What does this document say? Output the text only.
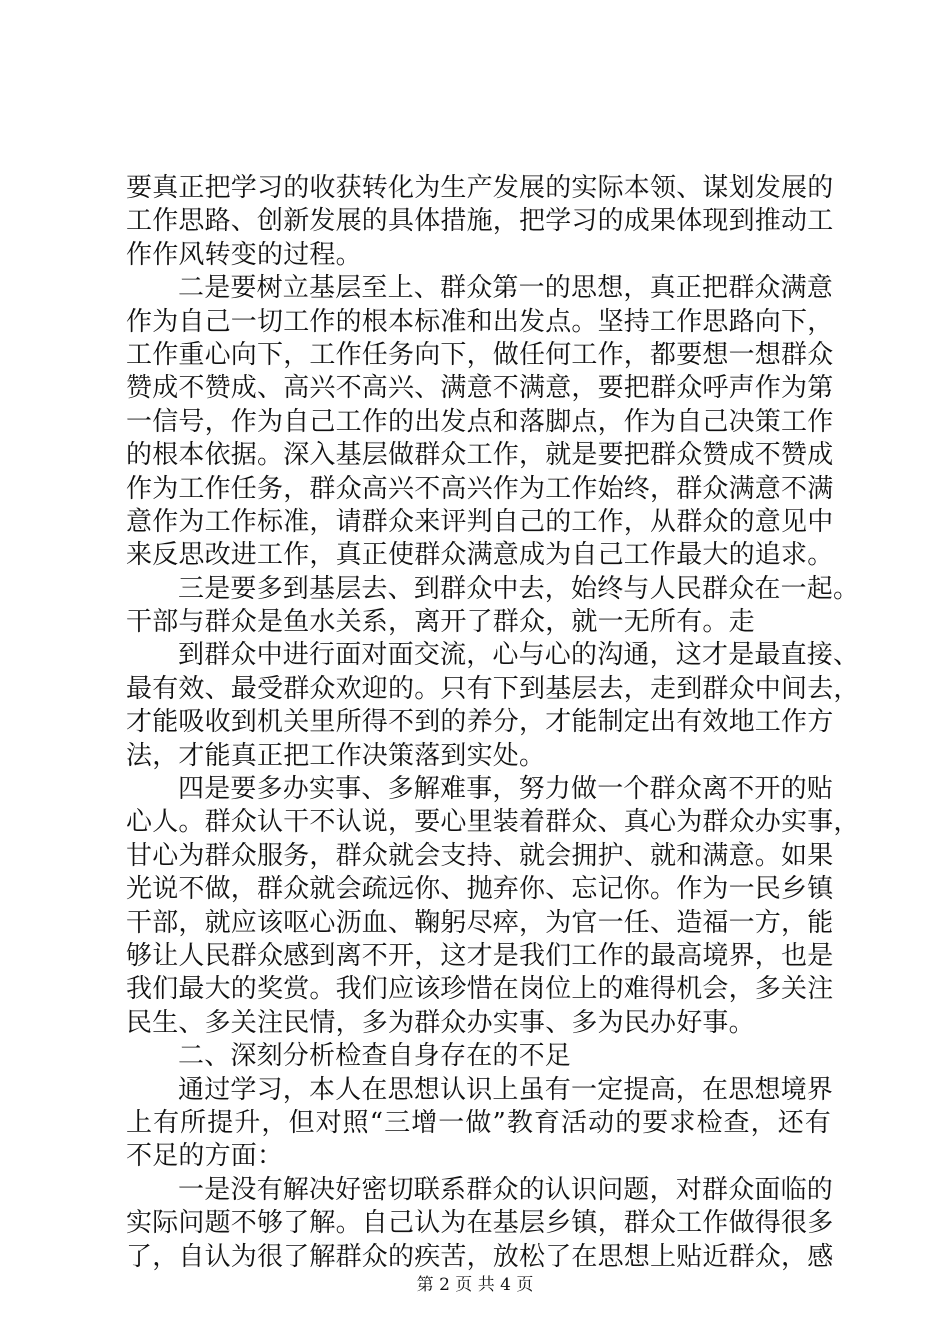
要真正把学习的收获转化为生产发展的实际本领、谋划发展的
工作思路、创新发展的具体措施，把学习的成果体现到推动工
作作风转变的过程。
二是要树立基层至上、群众第一的思想，真正把群众满意
作为自己一切工作的根本标准和出发点。坚持工作思路向下，
工作重心向下，工作任务向下，做任何工作，都要想一想群众
赞成不赞成、高兴不高兴、满意不满意，要把群众呼声作为第
一信号，作为自己工作的出发点和落脚点，作为自己决策工作
的根本依据。深入基层做群众工作，就是要把群众赞成不赞成
作为工作任务，群众高兴不高兴作为工作始终，群众满意不满
意作为工作标准，请群众来评判自己的工作，从群众的意见中
来反思改进工作，真正使群众满意成为自己工作最大的追求。
三是要多到基层去、到群众中去，始终与人民群众在一起。
干部与群众是鱼水关系，离开了群众，就一无所有。走
到群众中进行面对面交流，心与心的沟通，这才是最直接、
最有效、最受群众欢迎的。只有下到基层去，走到群众中间去，
才能吸收到机关里所得不到的养分，才能制定出有效地工作方
法，才能真正把工作决策落到实处。
四是要多办实事、多解难事，努力做一个群众离不开的贴
心人。群众认干不认说，要心里装着群众、真心为群众办实事，
甘心为群众服务，群众就会支持、就会拥护、就和满意。如果
光说不做，群众就会疏远你、抛弃你、忘记你。作为一民乡镇
干部，就应该呕心沥血、鞠躬尽瘁，为官一任、造福一方，能
够让人民群众感到离不开，这才是我们工作的最高境界，也是
我们最大的奖赏。我们应该珍惜在岗位上的难得机会，多关注
民生、多关注民情，多为群众办实事、多为民办好事。
二、深刻分析检查自身存在的不足
通过学习，本人在思想认识上虽有一定提高，在思想境界
上有所提升，但对照“三增一做”教育活动的要求检查，还有
不足的方面：
一是没有解决好密切联系群众的认识问题，对群众面临的
实际问题不够了解。自己认为在基层乡镇，群众工作做得很多
了，自认为很了解群众的疾苦，放松了在思想上贴近群众，感
第 2 页 共 4 页
